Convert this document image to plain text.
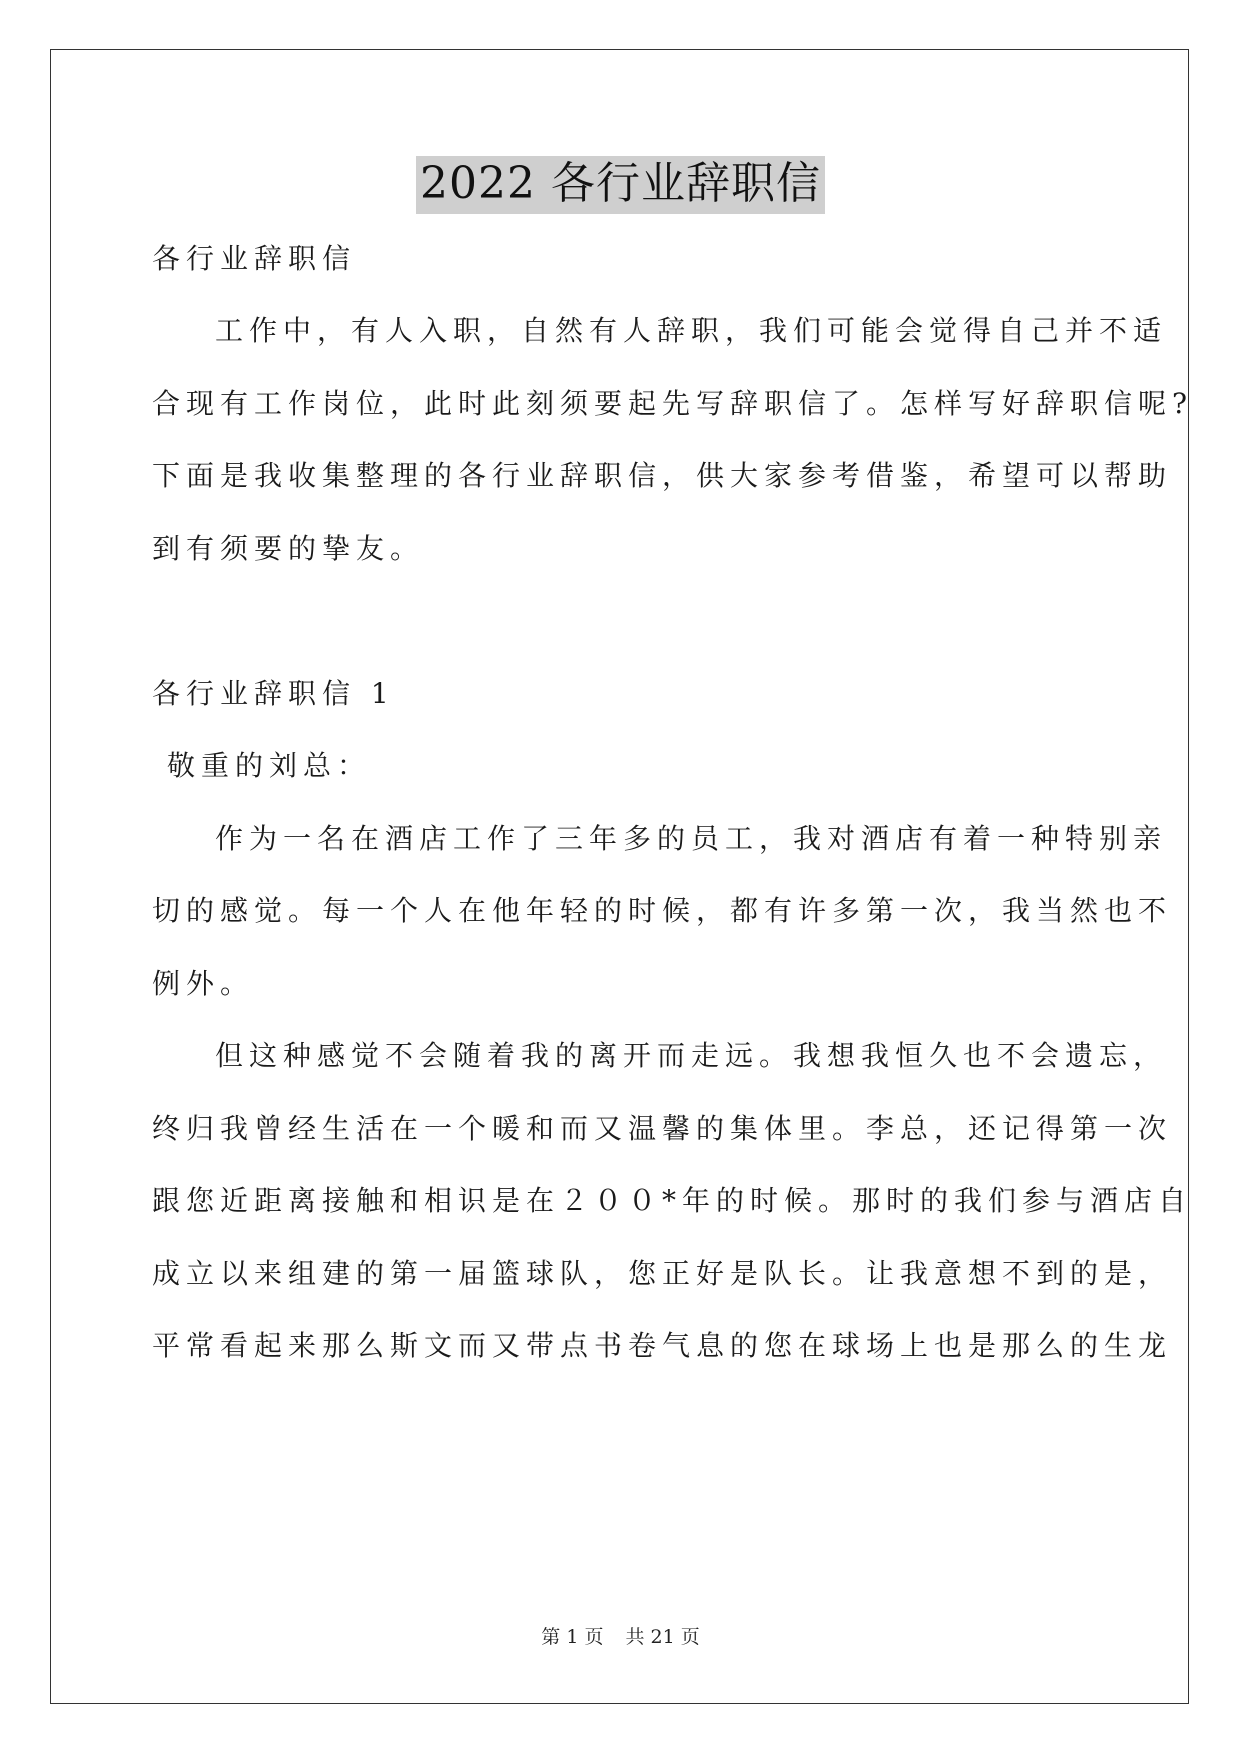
2022 各行业辞职信

各行业辞职信

工作中，有人入职，自然有人辞职，我们可能会觉得自己并不适

合现有工作岗位，此时此刻须要起先写辞职信了。怎样写好辞职信呢?

下面是我收集整理的各行业辞职信，供大家参考借鉴，希望可以帮助

到有须要的挚友。

各行业辞职信 1

敬重的刘总：

作为一名在酒店工作了三年多的员工，我对酒店有着一种特别亲

切的感觉。每一个人在他年轻的时候，都有许多第一次，我当然也不

例外。

但这种感觉不会随着我的离开而走远。我想我恒久也不会遗忘，

终归我曾经生活在一个暖和而又温馨的集体里。李总，还记得第一次

跟您近距离接触和相识是在２００*年的时候。那时的我们参与酒店自

成立以来组建的第一届篮球队，您正好是队长。让我意想不到的是，

平常看起来那么斯文而又带点书卷气息的您在球场上也是那么的生龙

第 1 页 共 21 页
